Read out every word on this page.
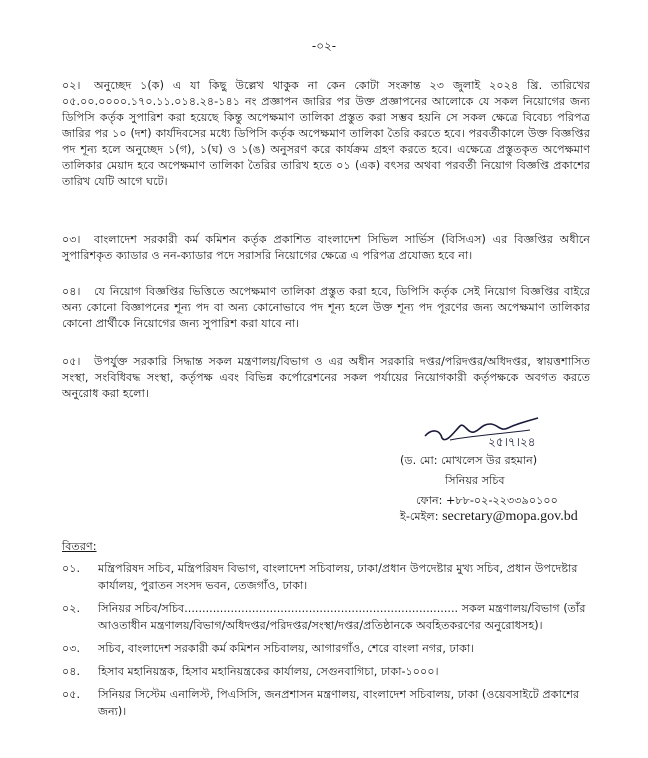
-০২-
০২। অনুচ্ছেদ ১(ক) এ যা কিছু উল্লেখ থাকুক না কেন কোটা সংক্রান্ত ২৩ জুলাই ২০২৪ খ্রি. তারিখের ০৫.০০.০০০০.১৭০.১১.০১৪.২৪-১৪১ নং প্রজ্ঞাপন জারির পর উক্ত প্রজ্ঞাপনের আলোকে যে সকল নিয়োগের জন্য ডিপিসি কর্তৃক সুপারিশ করা হয়েছে কিন্তু অপেক্ষমাণ তালিকা প্রস্তুত করা সম্ভব হয়নি সে সকল ক্ষেত্রে বিবেচ্য পরিপত্র জারির পর ১০ (দশ) কার্যদিবসের মধ্যে ডিপিসি কর্তৃক অপেক্ষমাণ তালিকা তৈরি করতে হবে। পরবর্তীকালে উক্ত বিজ্ঞপ্তির পদ শূন্য হলে অনুচ্ছেদ ১(গ), ১(ঘ) ও ১(ঙ) অনুসরণ করে কার্যক্রম গ্রহণ করতে হবে। এক্ষেত্রে প্রস্তুতকৃত অপেক্ষমাণ তালিকার মেয়াদ হবে অপেক্ষমাণ তালিকা তৈরির তারিখ হতে ০১ (এক) বৎসর অথবা পরবর্তী নিয়োগ বিজ্ঞপ্তি প্রকাশের তারিখ যেটি আগে ঘটে।
০৩। বাংলাদেশ সরকারী কর্ম কমিশন কর্তৃক প্রকাশিত বাংলাদেশ সিভিল সার্ভিস (বিসিএস) এর বিজ্ঞপ্তির অধীনে সুপারিশকৃত ক্যাডার ও নন-ক্যাডার পদে সরাসরি নিয়োগের ক্ষেত্রে এ পরিপত্র প্রযোজ্য হবে না।
০৪। যে নিয়োগ বিজ্ঞপ্তির ভিত্তিতে অপেক্ষমাণ তালিকা প্রস্তুত করা হবে, ডিপিসি কর্তৃক সেই নিয়োগ বিজ্ঞপ্তির বাইরে অন্য কোনো বিজ্ঞাপনের শূন্য পদ বা অন্য কোনোভাবে পদ শূন্য হলে উক্ত শূন্য পদ পূরণের জন্য অপেক্ষমাণ তালিকার কোনো প্রার্থীকে নিয়োগের জন্য সুপারিশ করা যাবে না।
০৫। উপর্যুক্ত সরকারি সিদ্ধান্ত সকল মন্ত্রণালয়/বিভাগ ও এর অধীন সরকারি দপ্তর/পরিদপ্তর/অধিদপ্তর, স্বায়ত্তশাসিত সংস্থা, সংবিধিবদ্ধ সংস্থা, কর্তৃপক্ষ এবং বিভিন্ন কর্পোরেশনের সকল পর্যায়ের নিয়োগকারী কর্তৃপক্ষকে অবগত করতে অনুরোধ করা হলো।
২৫।৭।২৪
(ড. মো: মোখলেস উর রহমান)
সিনিয়র সচিব
ফোন: +৮৮-০২-২২৩৩৯০১০০
ই-মেইল: secretary@mopa.gov.bd
বিতরণ:
০১.	মন্ত্রিপরিষদ সচিব, মন্ত্রিপরিষদ বিভাগ, বাংলাদেশ সচিবালয়, ঢাকা/প্রধান উপদেষ্টার মুখ্য সচিব, প্রধান উপদেষ্টার কার্যালয়, পুরাতন সংসদ ভবন, তেজগাঁও, ঢাকা।
০২.	সিনিয়র সচিব/সচিব............................................................................. সকল মন্ত্রণালয়/বিভাগ (তাঁর আওতাধীন মন্ত্রণালয়/বিভাগ/অধিদপ্তর/পরিদপ্তর/সংস্থা/দপ্তর/প্রতিষ্ঠানকে অবহিতকরণের অনুরোধসহ)।
০৩.	সচিব, বাংলাদেশ সরকারী কর্ম কমিশন সচিবালয়, আগারগাঁও, শেরে বাংলা নগর, ঢাকা।
০৪.	হিসাব মহানিয়ন্ত্রক, হিসাব মহানিয়ন্ত্রকের কার্যালয়, সেগুনবাগিচা, ঢাকা-১০০০।
০৫.	সিনিয়র সিস্টেম এনালিস্ট, পিএসিসি, জনপ্রশাসন মন্ত্রণালয়, বাংলাদেশ সচিবালয়, ঢাকা (ওয়েবসাইটে প্রকাশের জন্য)।
